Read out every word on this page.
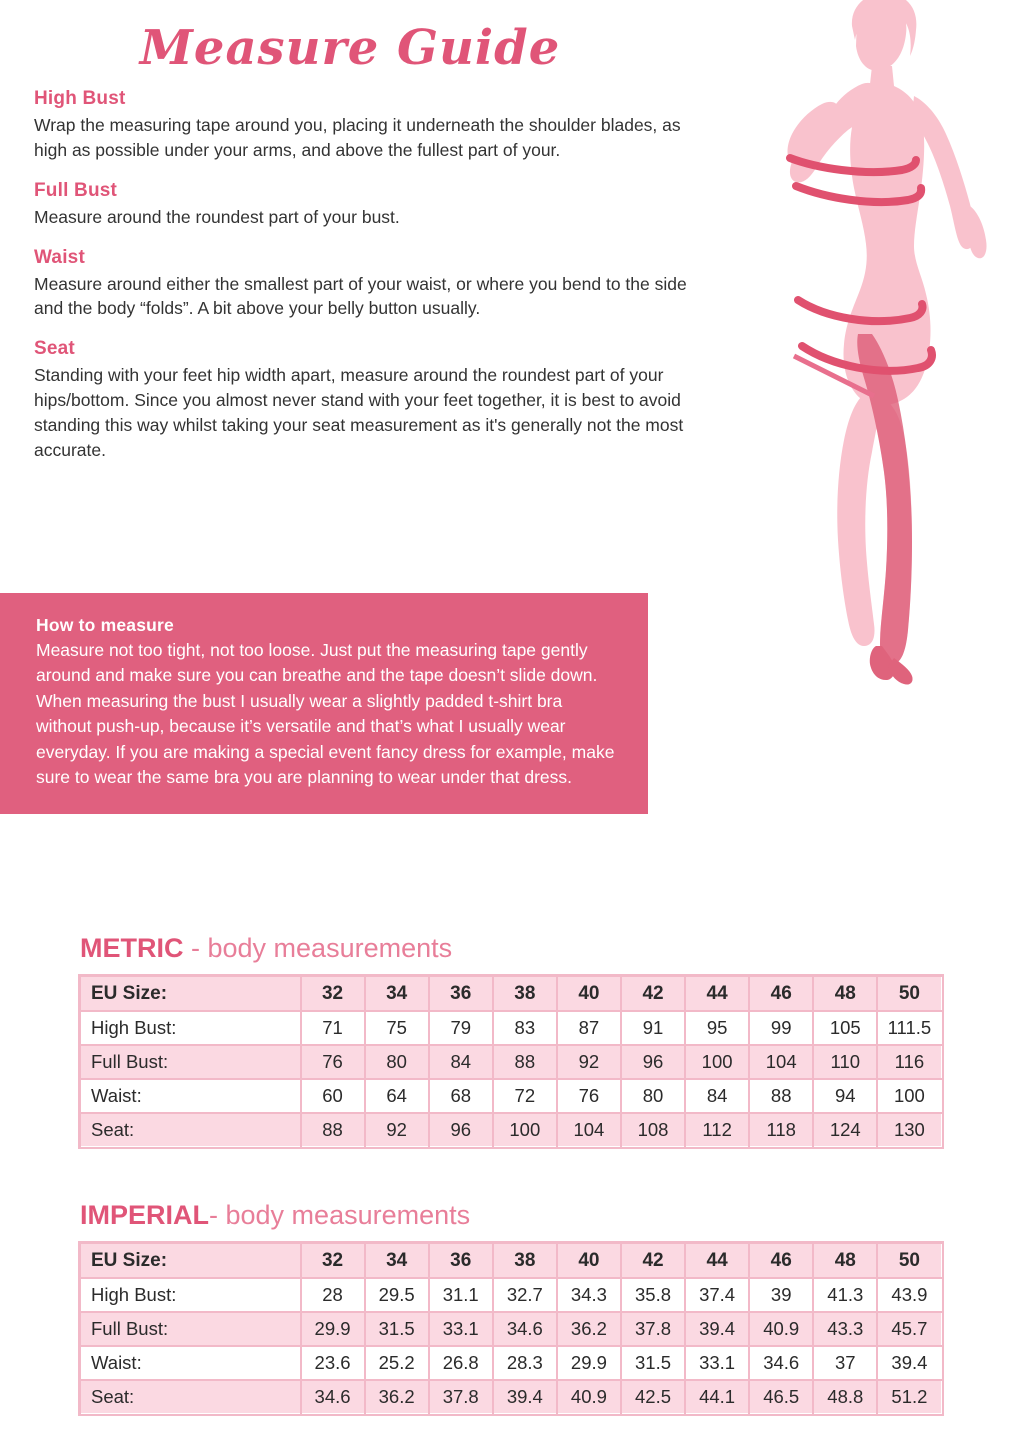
Measure Guide
High Bust

Wrap the measuring tape around you, placing it underneath the shoulder blades, as high as possible under your arms, and above the fullest part of your.

Full Bust

Measure around the roundest part of your bust.

Waist

Measure around either the smallest part of your waist, or where you bend to the side and the body “folds”. A bit above your belly button usually.

Seat

Standing with your feet hip width apart, measure around the roundest part of your hips/bottom. Since you almost never stand with your feet together, it is best to avoid standing this way whilst taking your seat measurement as it's generally not the most accurate.

How to measure

Measure not too tight, not too loose. Just put the measuring tape gently around and make sure you can breathe and the tape doesn’t slide down.

When measuring the bust I usually wear a slightly padded t-shirt bra without push-up, because it’s versatile and that’s what I usually wear everyday. If you are making a special event fancy dress for example, make sure to wear the same bra you are planning to wear under that dress.

METRIC - body measurements
EU Size:	32	34	36	38	40	42	44	46	48	50
High Bust:	71	75	79	83	87	91	95	99	105	111.5
Full Bust:	76	80	84	88	92	96	100	104	110	116
Waist:	60	64	68	72	76	80	84	88	94	100
Seat:	88	92	96	100	104	108	112	118	124	130
IMPERIAL- body measurements
EU Size:	32	34	36	38	40	42	44	46	48	50
High Bust:	28	29.5	31.1	32.7	34.3	35.8	37.4	39	41.3	43.9
Full Bust:	29.9	31.5	33.1	34.6	36.2	37.8	39.4	40.9	43.3	45.7
Waist:	23.6	25.2	26.8	28.3	29.9	31.5	33.1	34.6	37	39.4
Seat:	34.6	36.2	37.8	39.4	40.9	42.5	44.1	46.5	48.8	51.2
